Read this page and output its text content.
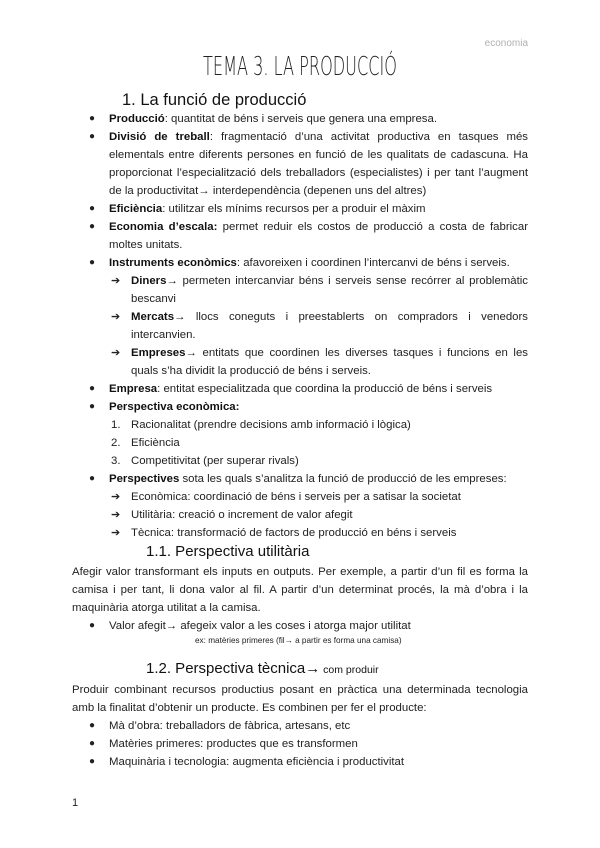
economia
TEMA 3. LA PRODUCCIÓ
1. La funció de producció
● Producció: quantitat de béns i serveis que genera una empresa.
● Divisió de treball: fragmentació d’una activitat productiva en tasques més elementals entre diferents persones en funció de les qualitats de cadascuna. Ha proporcionat l’especialització dels treballadors (especialistes) i per tant l’augment de la productivitat→ interdependència (depenen uns del altres)
● Eficiència: utilitzar els mínims recursos per a produir el màxim
● Economia d’escala: permet reduir els costos de producció a costa de fabricar moltes unitats.
● Instruments econòmics: afavoreixen i coordinen l’intercanvi de béns i serveis.
➔ Diners→ permeten intercanviar béns i serveis sense recórrer al problemàtic bescanvi
➔ Mercats→ llocs coneguts i preestablerts on compradors i venedors intercanvien.
➔ Empreses→ entitats que coordinen les diverses tasques i funcions en les quals s’ha dividit la producció de béns i serveis.
● Empresa: entitat especialitzada que coordina la producció de béns i serveis
● Perspectiva econòmica:
1. Racionalitat (prendre decisions amb informació i lògica)
2. Eficiència
3. Competitivitat (per superar rivals)
● Perspectives sota les quals s’analitza la funció de producció de les empreses:
➔ Econòmica: coordinació de béns i serveis per a satisar la societat
➔ Utilitària: creació o increment de valor afegit
➔ Tècnica: transformació de factors de producció en béns i serveis
1.1. Perspectiva utilitària
Afegir valor transformant els inputs en outputs. Per exemple, a partir d’un fil es forma la camisa i per tant, li dona valor al fil. A partir d’un determinat procés, la mà d’obra i la maquinària atorga utilitat a la camisa.
● Valor afegit→ afegeix valor a les coses i atorga major utilitat
ex: matèries primeres (fil→ a partir es forma una camisa)
1.2. Perspectiva tècnica→ com produir
Produir combinant recursos productius posant en pràctica una determinada tecnologia amb la finalitat d’obtenir un producte. Es combinen per fer el producte:
● Mà d’obra: treballadors de fàbrica, artesans, etc
● Matèries primeres: productes que es transformen
● Maquinària i tecnologia: augmenta eficiència i productivitat
1
